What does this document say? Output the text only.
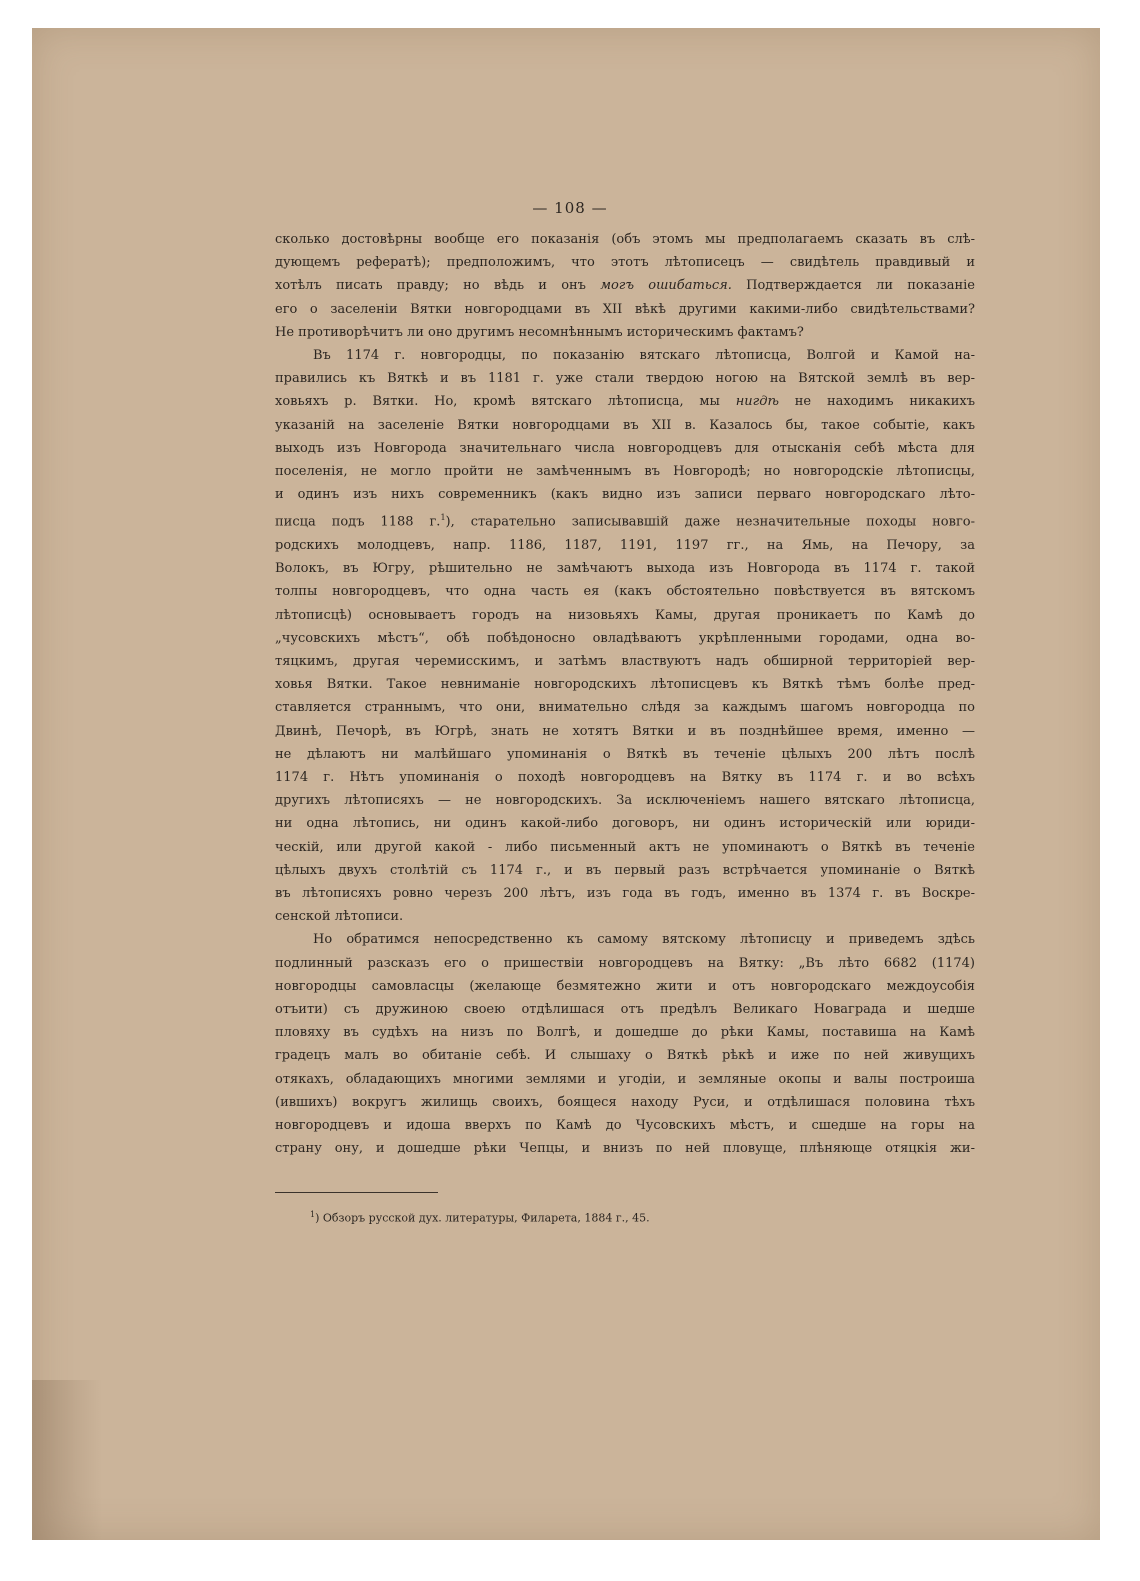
— 108 —
сколько достовѣрны вообще его показанія (объ этомъ мы предполагаемъ сказать въ слѣ-
дующемъ рефератѣ); предположимъ, что этотъ лѣтописецъ — свидѣтель правдивый и
хотѣлъ писать правду; но вѣдь и онъ могъ ошибаться. Подтверждается ли показаніе
его о заселеніи Вятки новгородцами въ XII вѣкѣ другими какими-либо свидѣтельствами?
Не противорѣчитъ ли оно другимъ несомнѣннымъ историческимъ фактамъ?
Въ 1174 г. новгородцы, по показанію вятскаго лѣтописца, Волгой и Камой на-
правились къ Вяткѣ и въ 1181 г. уже стали твердою ногою на Вятской землѣ въ вер-
ховьяхъ р. Вятки. Но, кромѣ вятскаго лѣтописца, мы нигдѣ не находимъ никакихъ
указаній на заселеніе Вятки новгородцами въ XII в. Казалось бы, такое событіе, какъ
выходъ изъ Новгорода значительнаго числа новгородцевъ для отысканія себѣ мѣста для
поселенія, не могло пройти не замѣченнымъ въ Новгородѣ; но новгородскіе лѣтописцы,
и одинъ изъ нихъ современникъ (какъ видно изъ записи перваго новгородскаго лѣто-
писца подъ 1188 г.$^1$), старательно записывавшій даже незначительные походы новго-
родскихъ молодцевъ, напр. 1186, 1187, 1191, 1197 гг., на Ямь, на Печору, за
Волокъ, въ Югру, рѣшительно не замѣчаютъ выхода изъ Новгорода въ 1174 г. такой
толпы новгородцевъ, что одна часть ея (какъ обстоятельно повѣствуется въ вятскомъ
лѣтописцѣ) основываетъ городъ на низовьяхъ Камы, другая проникаетъ по Камѣ до
„чусовскихъ мѣстъ“, обѣ побѣдоносно овладѣваютъ укрѣпленными городами, одна во-
тяцкимъ, другая черемисскимъ, и затѣмъ властвуютъ надъ обширной территоріей вер-
ховья Вятки. Такое невниманіе новгородскихъ лѣтописцевъ къ Вяткѣ тѣмъ болѣе пред-
ставляется страннымъ, что они, внимательно слѣдя за каждымъ шагомъ новгородца по
Двинѣ, Печорѣ, въ Югрѣ, знать не хотятъ Вятки и въ позднѣйшее время, именно —
не дѣлаютъ ни малѣйшаго упоминанія о Вяткѣ въ теченіе цѣлыхъ 200 лѣтъ послѣ
1174 г. Нѣтъ упоминанія о походѣ новгородцевъ на Вятку въ 1174 г. и во всѣхъ
другихъ лѣтописяхъ — не новгородскихъ. За исключеніемъ нашего вятскаго лѣтописца,
ни одна лѣтопись, ни одинъ какой-либо договоръ, ни одинъ историческій или юриди-
ческій, или другой какой - либо письменный актъ не упоминаютъ о Вяткѣ въ теченіе
цѣлыхъ двухъ столѣтій съ 1174 г., и въ первый разъ встрѣчается упоминаніе о Вяткѣ
въ лѣтописяхъ ровно черезъ 200 лѣтъ, изъ года въ годъ, именно въ 1374 г. въ Воскре-
сенской лѣтописи.
Но обратимся непосредственно къ самому вятскому лѣтописцу и приведемъ здѣсь
подлинный разсказъ его о пришествіи новгородцевъ на Вятку: „Въ лѣто 6682 (1174)
новгородцы самовласцы (желающе безмятежно жити и отъ новгородскаго междоусобія
отъити) съ дружиною своею отдѣлишася отъ предѣлъ Великаго Новаграда и шедше
пловяху въ судѣхъ на низъ по Волгѣ, и дошедше до рѣки Камы, поставиша на Камѣ
градецъ малъ во обитаніе себѣ. И слышаху о Вяткѣ рѣкѣ и иже по ней живущихъ
отякахъ, обладающихъ многими землями и угодіи, и земляные окопы и валы построиша
(ившихъ) вокругъ жилищь своихъ, боящеся находу Руси, и отдѣлишася половина тѣхъ
новгородцевъ и идоша вверхъ по Камѣ до Чусовскихъ мѣстъ, и сшедше на горы на
страну ону, и дошедше рѣки Чепцы, и внизъ по ней пловуще, плѣняюще отяцкія жи-
$^1$) Обзоръ русской дух. литературы, Филарета, 1884 г., 45.
